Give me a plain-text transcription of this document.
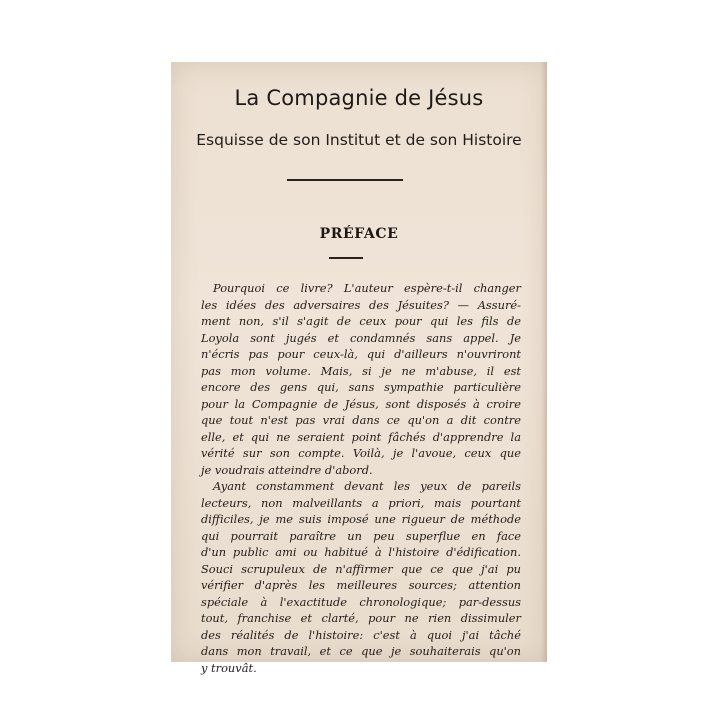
La Compagnie de Jésus
Esquisse de son Institut et de son Histoire
PRÉFACE
Pourquoi ce livre? L'auteur espère-t-il changer
les idées des adversaires des Jésuites? — Assuré-
ment non, s'il s'agit de ceux pour qui les fils de
Loyola sont jugés et condamnés sans appel. Je
n'écris pas pour ceux-là, qui d'ailleurs n'ouvriront
pas mon volume. Mais, si je ne m'abuse, il est
encore des gens qui, sans sympathie particulière
pour la Compagnie de Jésus, sont disposés à croire
que tout n'est pas vrai dans ce qu'on a dit contre
elle, et qui ne seraient point fâchés d'apprendre la
vérité sur son compte. Voilà, je l'avoue, ceux que
je voudrais atteindre d'abord.
Ayant constamment devant les yeux de pareils
lecteurs, non malveillants a priori, mais pourtant
difficiles, je me suis imposé une rigueur de méthode
qui pourrait paraître un peu superflue en face
d'un public ami ou habitué à l'histoire d'édification.
Souci scrupuleux de n'affirmer que ce que j'ai pu
vérifier d'après les meilleures sources; attention
spéciale à l'exactitude chronologique; par-dessus
tout, franchise et clarté, pour ne rien dissimuler
des réalités de l'histoire: c'est à quoi j'ai tâché
dans mon travail, et ce que je souhaiterais qu'on
y trouvât.
